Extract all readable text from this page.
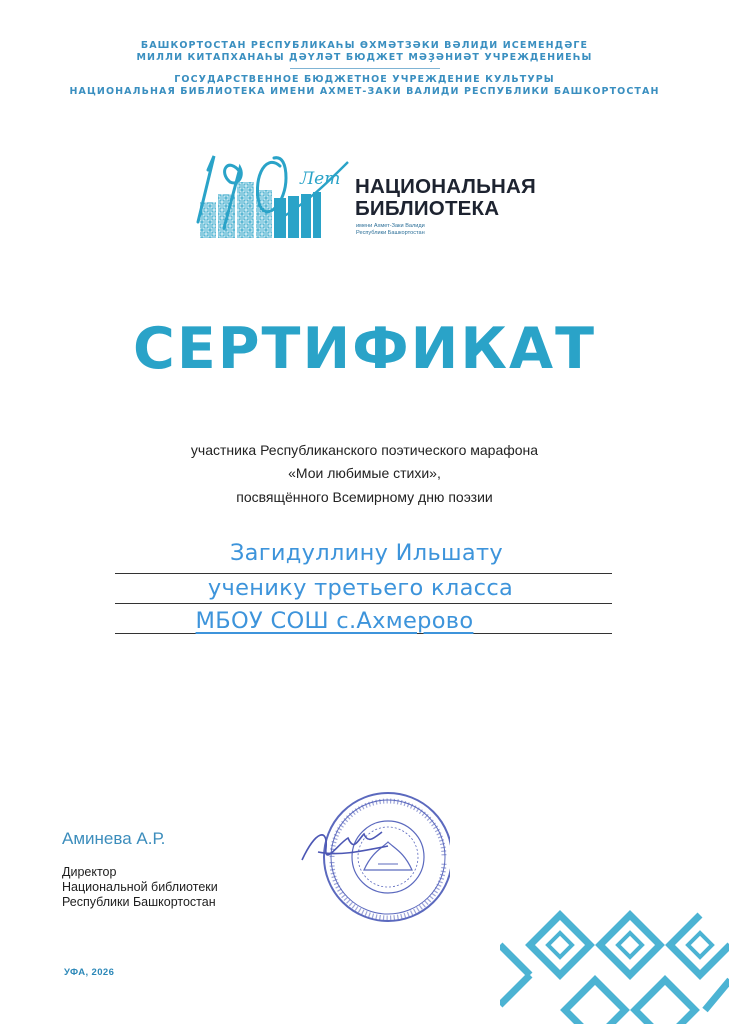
БАШКОРТОСТАН РЕСПУБЛИКАҺЫ ӨХМӘТЗӘКИ ВӘЛИДИ ИСЕМЕНДӘГЕ
МИЛЛИ КИТАПХАНАҺЫ ДӘҮЛӘТ БЮДЖЕТ МӘҘӘНИӘТ УЧРЕЖДЕНИЕҺЫ
ГОСУДАРСТВЕННОЕ БЮДЖЕТНОЕ УЧРЕЖДЕНИЕ КУЛЬТУРЫ
НАЦИОНАЛЬНАЯ БИБЛИОТЕКА ИМЕНИ АХМЕТ-ЗАКИ ВАЛИДИ РЕСПУБЛИКИ БАШКОРТОСТАН
Лет НАЦИОНАЛЬНАЯ
БИБЛИОТЕКА
имени Ахмет-Заки Валиди
Республики Башкортостан
СЕРТИФИКАТ
участника Республиканского поэтического марафона
«Мои любимые стихи»,
посвящённого Всемирному дню поэзии
Загидуллину Ильшату
ученику третьего класса
МБОУ СОШ с.Ахмерово
Аминева А.Р.
Директор
Национальной библиотеки
Республики Башкортостан
УФА, 2026
